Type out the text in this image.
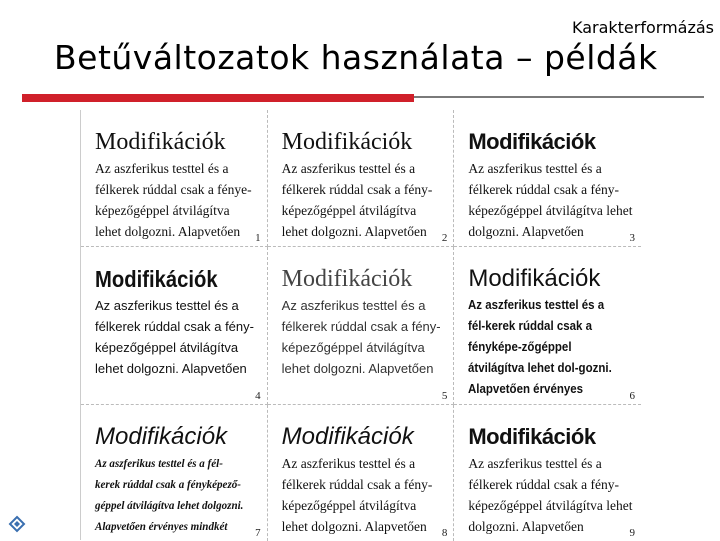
Karakterformázás
Betűváltozatok használata – példák
Modifikációk
Az aszferikus testtel és a félkerek rúddal csak a fénye-képezőgéppel átvilágítva lehet dolgozni. Alapvetően	1
Modifikációk
Az aszferikus testtel és a félkerek rúddal csak a fény-képezőgéppel átvilágítva lehet dolgozni. Alapvetően	2
Modifikációk
Az aszferikus testtel és a félkerek rúddal csak a fény-képezőgéppel átvilágítva lehet dolgozni. Alapvetően	3
Modifikációk
Az aszferikus testtel és a félkerek rúddal csak a fény-képezőgéppel átvilágítva lehet dolgozni. Alapvetően
4
Modifikációk
Az aszferikus testtel és a félkerek rúddal csak a fény-képezőgéppel átvilágítva lehet dolgozni. Alapvetően
5
Modifikációk
Az aszferikus testtel és a fél-kerek rúddal csak a fényképe-zőgéppel átvilágítva lehet dol-gozni. Alapvetően érvényes	6
Modifikációk
Az aszferikus testtel és a fél-kerek rúddal csak a fényképező-géppel átvilágítva lehet dolgozni. Alapvetően érvényes mindkét	7
Modifikációk
Az aszferikus testtel és a félkerek rúddal csak a fény-képezőgéppel átvilágítva lehet dolgozni. Alapvetően	8
Modifikációk
Az aszferikus testtel és a félkerek rúddal csak a fény-képezőgéppel átvilágítva lehet dolgozni. Alapvetően	9
